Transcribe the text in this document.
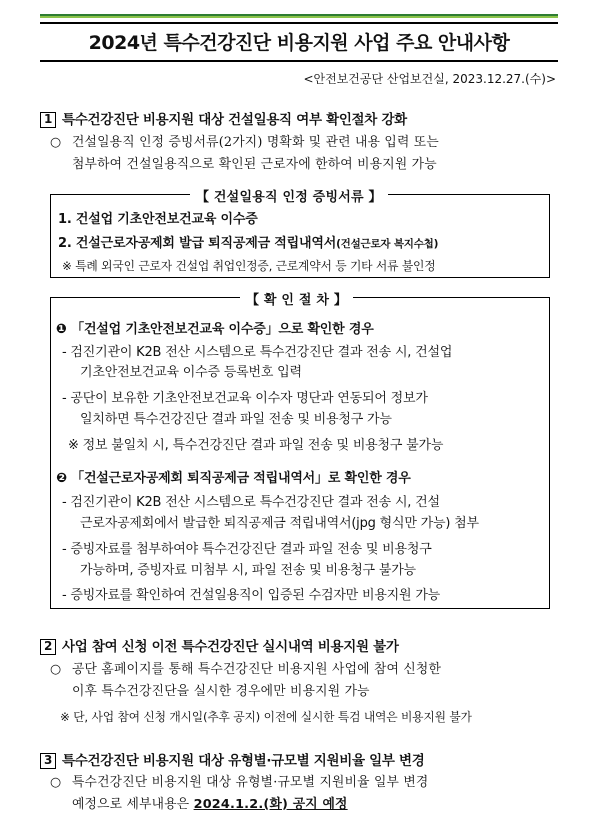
2024년 특수건강진단 비용지원 사업 주요 안내사항
<안전보건공단 산업보건실, 2023.12.27.(수)>
1 특수건강진단 비용지원 대상 건설일용직 여부 확인절차 강화
○ 건설일용직 인정 증빙서류(2가지) 명확화 및 관련 내용 입력 또는
첨부하여 건설일용직으로 확인된 근로자에 한하여 비용지원 가능
【 건설일용직 인정 증빙서류 】
1. 건설업 기초안전보건교육 이수증
2. 건설근로자공제회 발급 퇴직공제금 적립내역서(건설근로자 복지수첩)
※ 특례 외국인 근로자 건설업 취업인정증, 근로계약서 등 기타 서류 불인정
【 확 인 절 차 】
❶ 「건설업 기초안전보건교육 이수증」으로 확인한 경우
- 검진기관이 K2B 전산 시스템으로 특수건강진단 결과 전송 시, 건설업
기초안전보건교육 이수증 등록번호 입력
- 공단이 보유한 기초안전보건교육 이수자 명단과 연동되어 정보가
일치하면 특수건강진단 결과 파일 전송 및 비용청구 가능
※ 정보 불일치 시, 특수건강진단 결과 파일 전송 및 비용청구 불가능
❷ 「건설근로자공제회 퇴직공제금 적립내역서」로 확인한 경우
- 검진기관이 K2B 전산 시스템으로 특수건강진단 결과 전송 시, 건설
근로자공제회에서 발급한 퇴직공제금 적립내역서(jpg 형식만 가능) 첨부
- 증빙자료를 첨부하여야 특수건강진단 결과 파일 전송 및 비용청구
가능하며, 증빙자료 미첨부 시, 파일 전송 및 비용청구 불가능
- 증빙자료를 확인하여 건설일용직이 입증된 수검자만 비용지원 가능
2 사업 참여 신청 이전 특수건강진단 실시내역 비용지원 불가
○ 공단 홈페이지를 통해 특수건강진단 비용지원 사업에 참여 신청한
이후 특수건강진단을 실시한 경우에만 비용지원 가능
※ 단, 사업 참여 신청 개시일(추후 공지) 이전에 실시한 특검 내역은 비용지원 불가
3 특수건강진단 비용지원 대상 유형별·규모별 지원비율 일부 변경
○ 특수건강진단 비용지원 대상 유형별·규모별 지원비율 일부 변경
예정으로 세부내용은 2024.1.2.(화) 공지 예정
